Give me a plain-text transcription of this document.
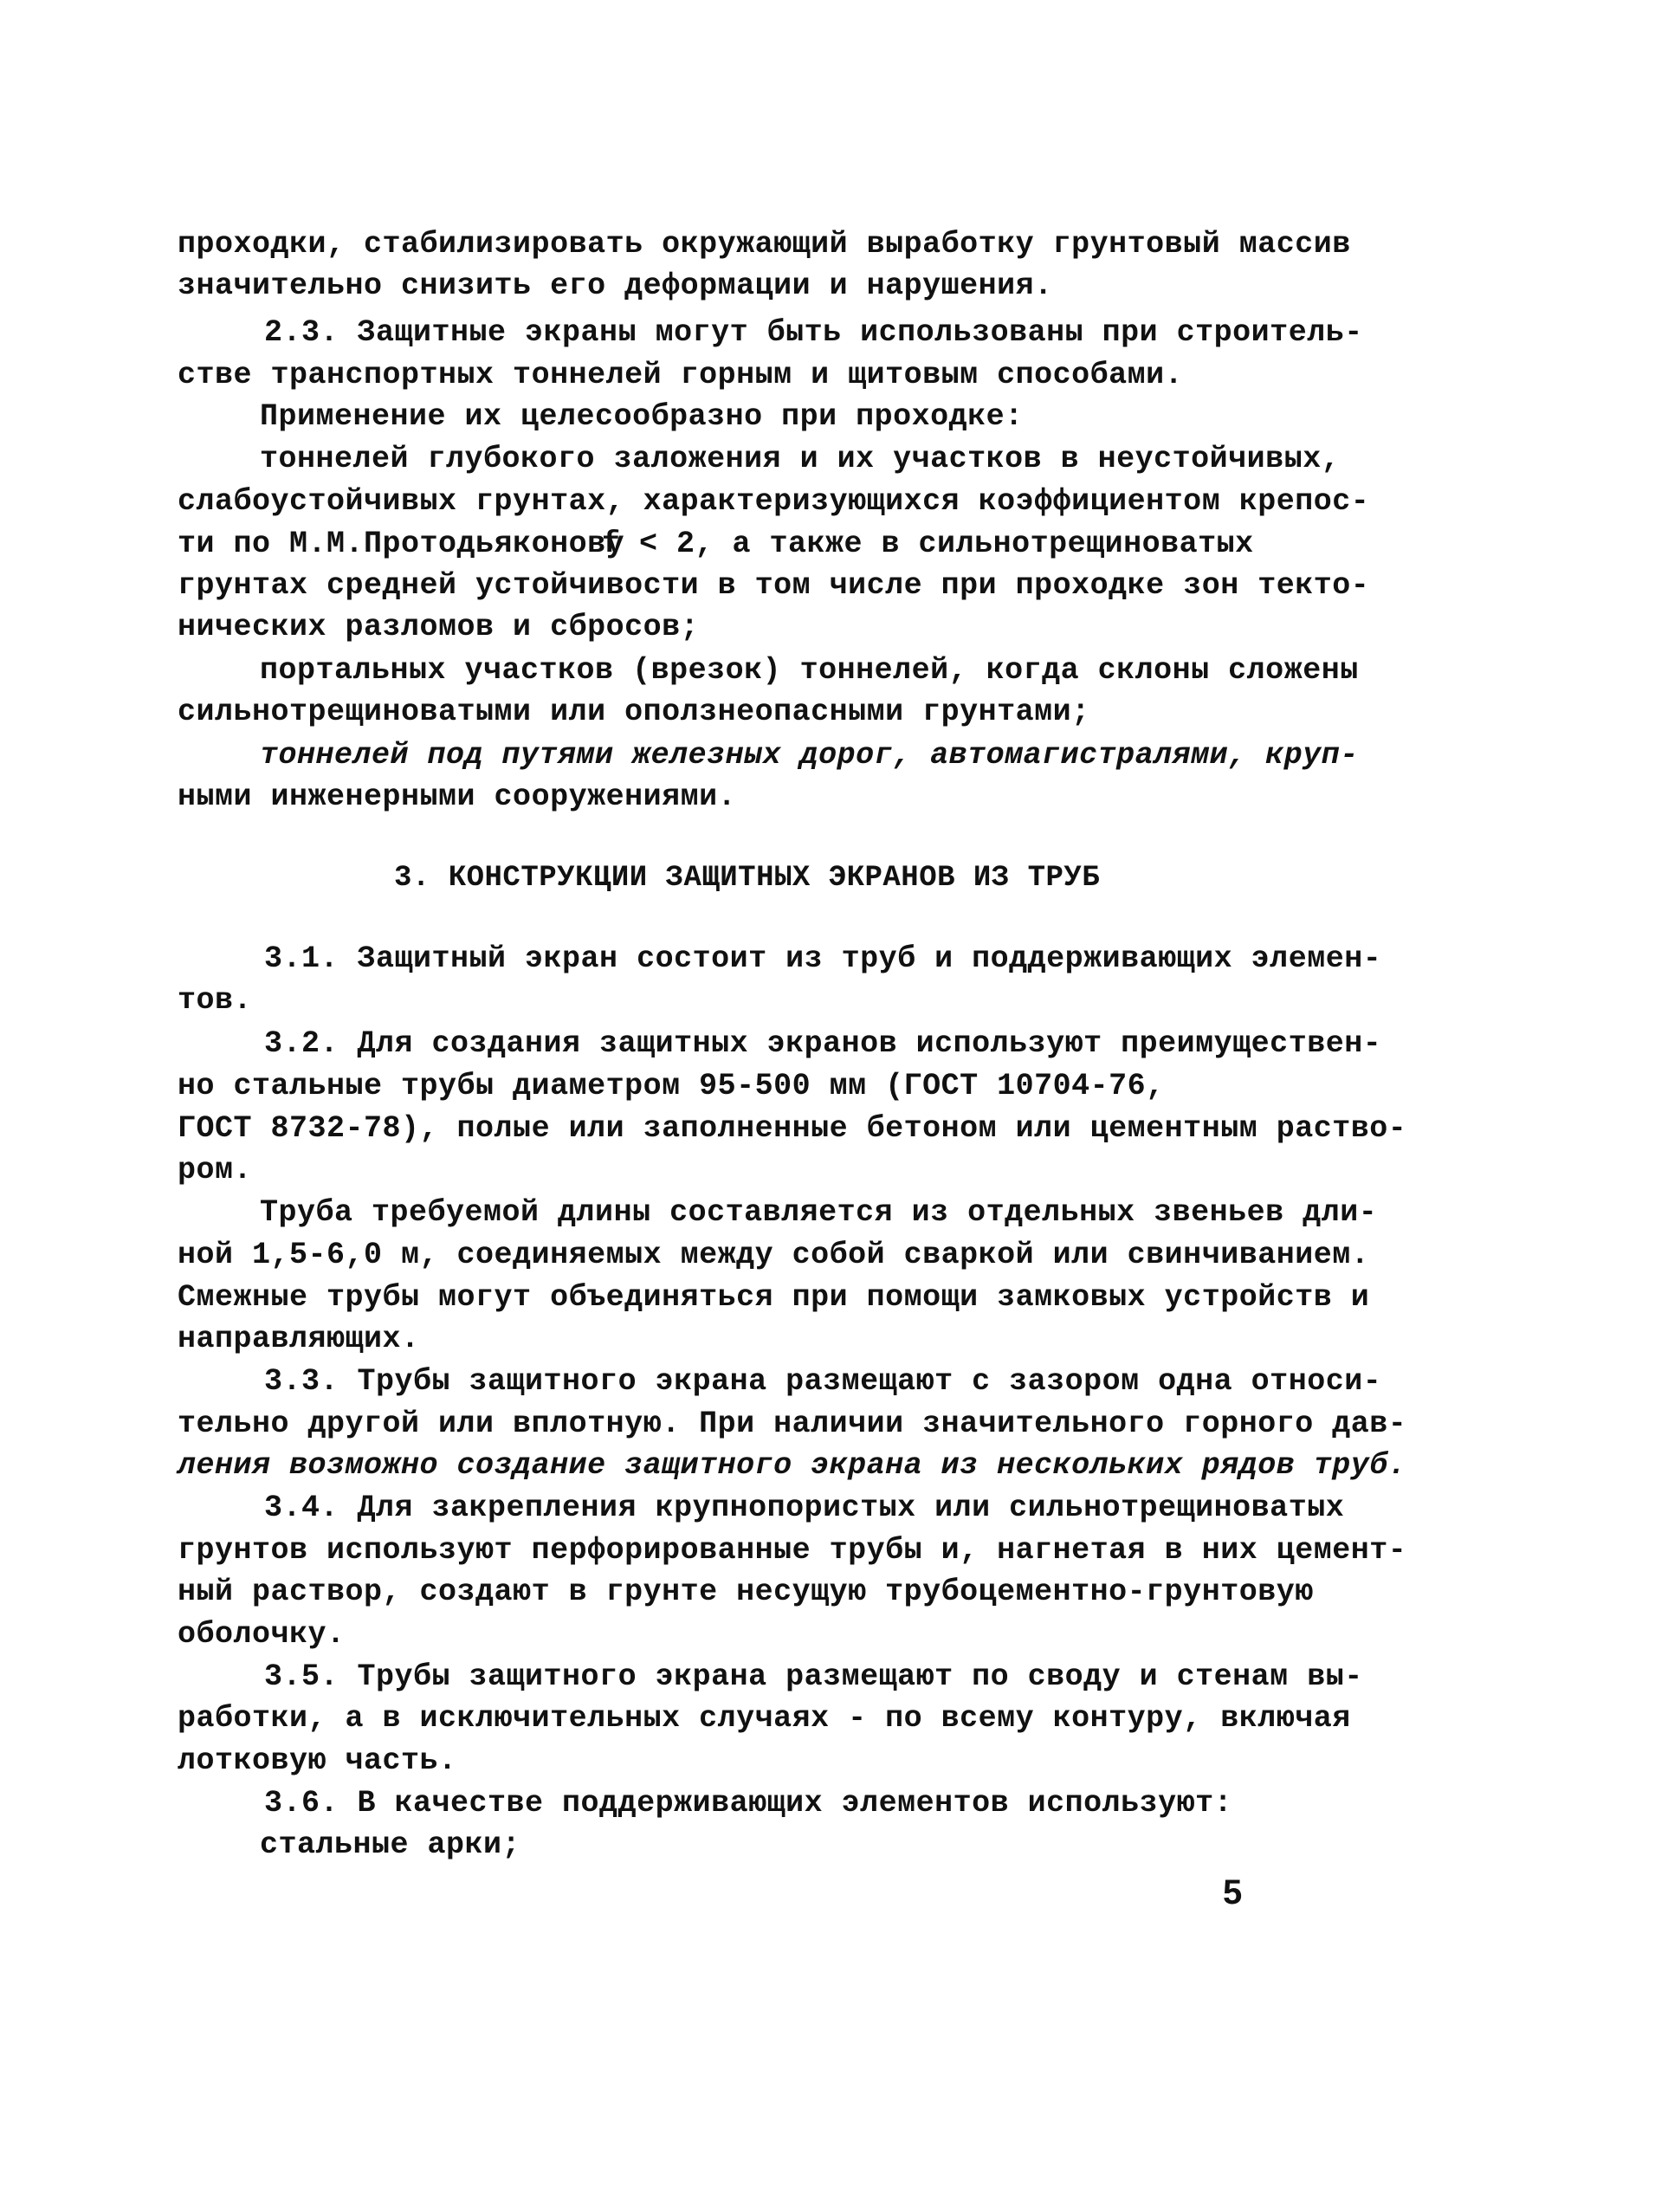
проходки, стабилизировать окружающий выработку грунтовый массив

значительно снизить его деформации и нарушения.

2.3. Защитные экраны могут быть использованы при строитель-

стве транспортных тоннелей горным и щитовым способами.

Применение их целесообразно при проходке:

тоннелей глубокого заложения и их участков в неустойчивых,

слабоустойчивых грунтах, характеризующихся коэффициентом крепос-

ти по М.М.Протодьяконову

f < 2, а также в сильнотрещиноватых

грунтах средней устойчивости в том числе при проходке зон текто-

нических разломов и сбросов;

портальных участков (врезок) тоннелей, когда склоны сложены

сильнотрещиноватыми или оползнеопасными грунтами;

тоннелей под путями железных дорог, автомагистралями, круп-

ными инженерными сооружениями.

3. КОНСТРУКЦИИ ЗАЩИТНЫХ ЭКРАНОВ ИЗ ТРУБ

3.1. Защитный экран состоит из труб и поддерживающих элемен-

тов.

3.2. Для создания защитных экранов используют преимуществен-

но стальные трубы диаметром 95-500 мм (ГОСТ 10704-76,

ГОСТ 8732-78), полые или заполненные бетоном или цементным раство-

ром.

Труба требуемой длины составляется из отдельных звеньев дли-

ной 1,5-6,0 м, соединяемых между собой сваркой или свинчиванием.

Смежные трубы могут объединяться при помощи замковых устройств и

направляющих.

3.3. Трубы защитного экрана размещают с зазором одна относи-

тельно другой или вплотную. При наличии значительного горного дав-

ления возможно создание защитного экрана из нескольких рядов труб.

3.4. Для закрепления крупнопористых или сильнотрещиноватых

грунтов используют перфорированные трубы и, нагнетая в них цемент-

ный раствор, создают в грунте несущую трубоцементно-грунтовую

оболочку.

3.5. Трубы защитного экрана размещают по своду и стенам вы-

работки, а в исключительных случаях - по всему контуру, включая

лотковую часть.

3.6. В качестве поддерживающих элементов используют:

стальные арки;

5
